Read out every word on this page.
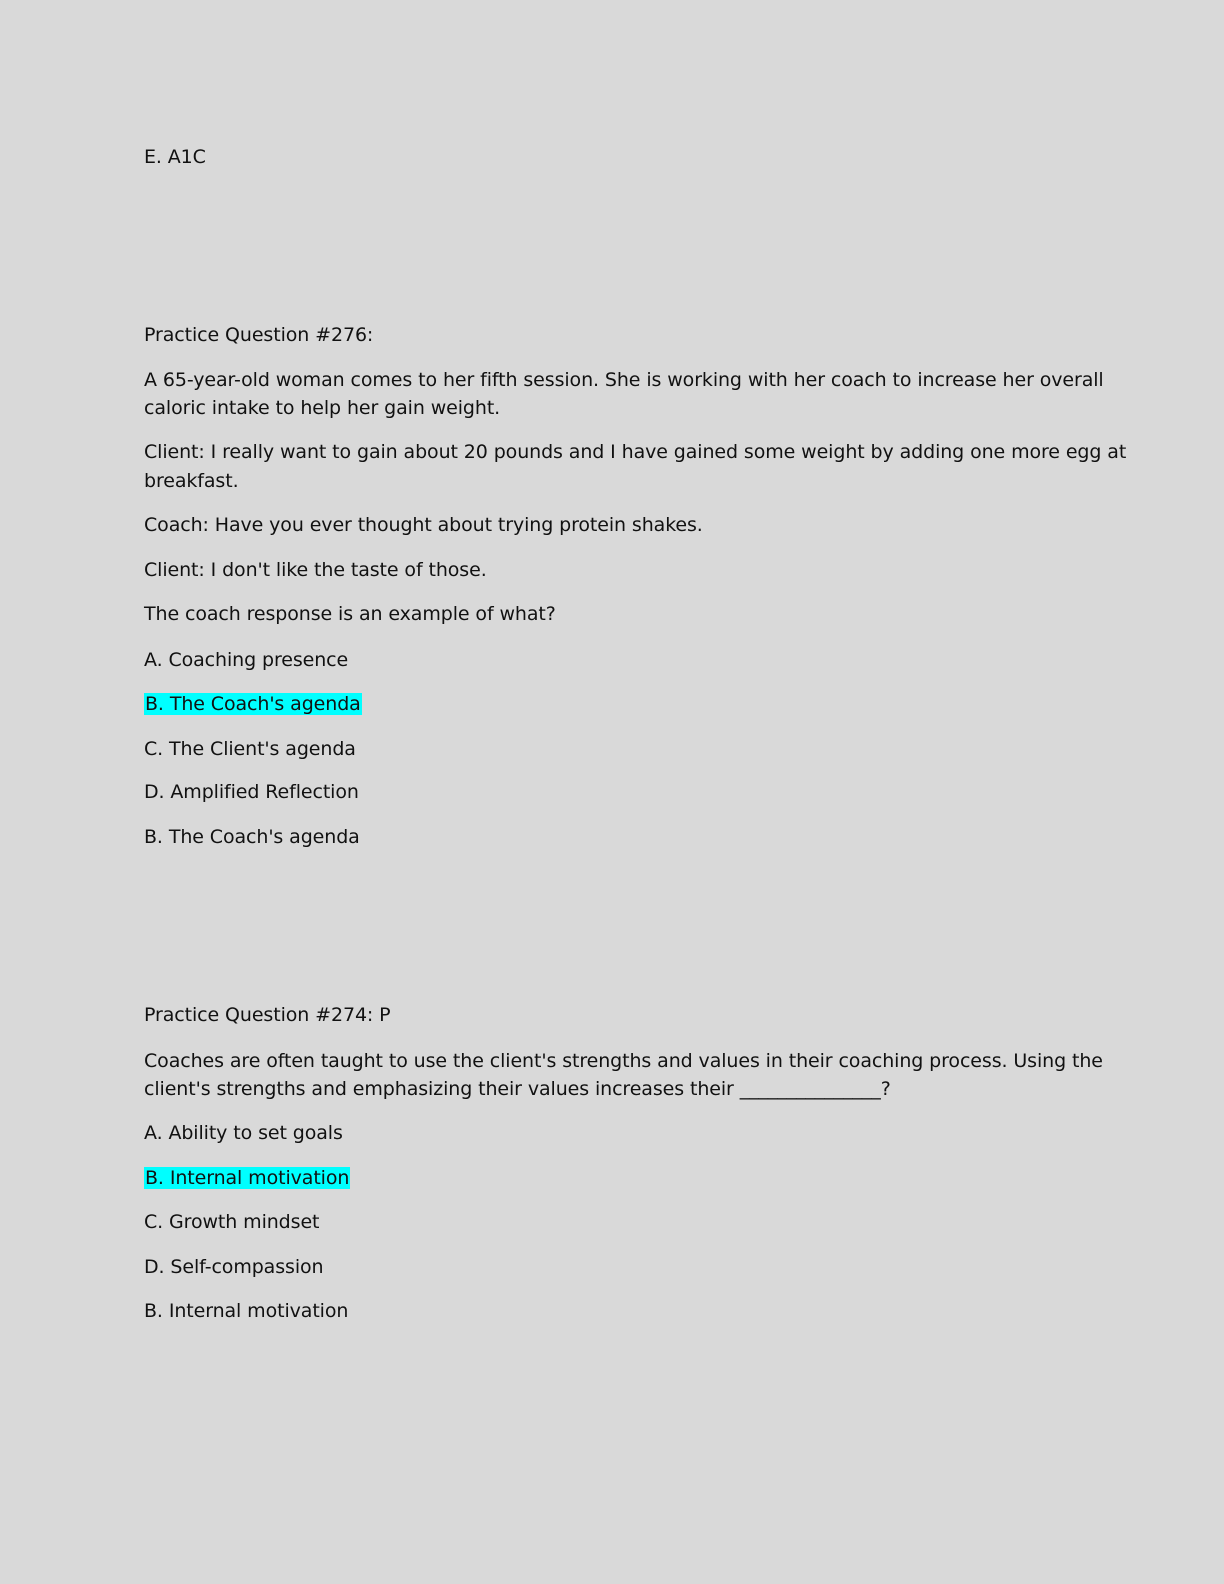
E. A1C

Practice Question #276:

A 65-year-old woman comes to her fifth session. She is working with her coach to increase her overall

caloric intake to help her gain weight.

Client: I really want to gain about 20 pounds and I have gained some weight by adding one more egg at

breakfast.

Coach: Have you ever thought about trying protein shakes.

Client: I don't like the taste of those.

The coach response is an example of what?

A. Coaching presence

B. The Coach's agenda

C. The Client's agenda

D. Amplified Reflection

B. The Coach's agenda

Practice Question #274: P

Coaches are often taught to use the client's strengths and values in their coaching process. Using the

client's strengths and emphasizing their values increases their _______________?

A. Ability to set goals

B. Internal motivation

C. Growth mindset

D. Self-compassion

B. Internal motivation
